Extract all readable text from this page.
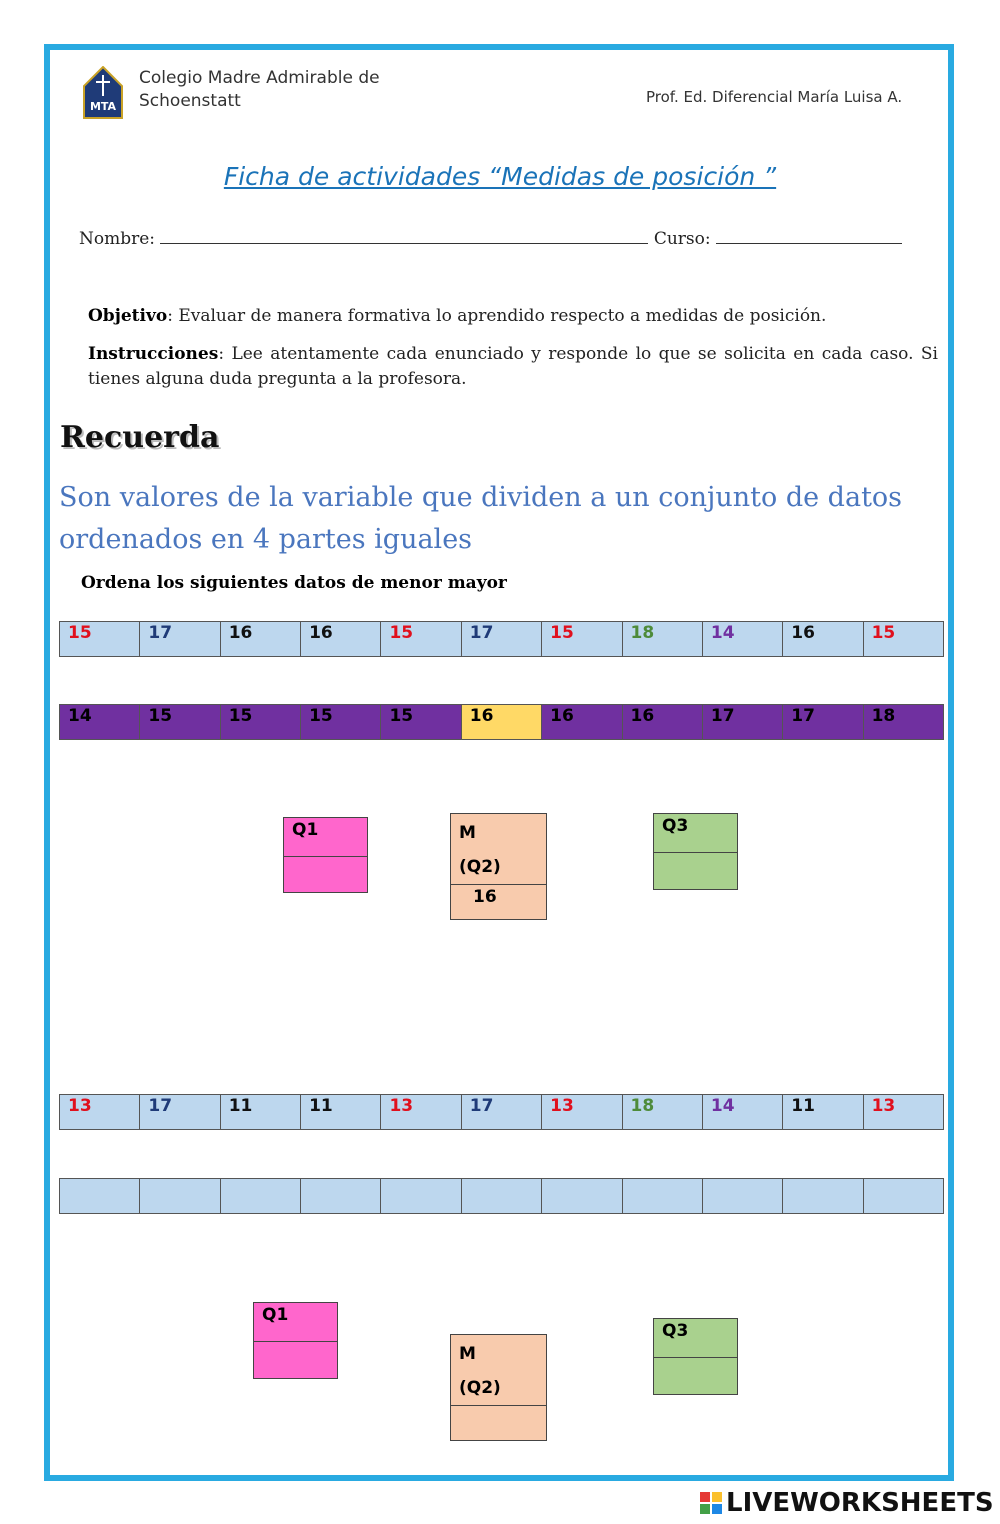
MTA
Colegio Madre Admirable de Schoenstatt	Prof. Ed. Diferencial María Luisa A.
Ficha de actividades “Medidas de posición ”
Nombre:	Curso:
Objetivo: Evaluar de manera formativa lo aprendido respecto a medidas de posición.
Instrucciones: Lee atentamente cada enunciado y responde lo que se solicita en cada caso. Si tienes alguna duda pregunta a la profesora.
Recuerda
Son valores de la variable que dividen a un conjunto de datos ordenados en 4 partes iguales
Ordena los siguientes datos de menor mayor
15	17	16	16	15	17	15	18	14	16	15
14	15	15	15	15	16	16	16	17	17	18
Q1	M
(Q2)
16
Q3
13	17	11	11	13	17	13	18	14	11	13
Q1
M
(Q2)
Q3
LIVEWORKSHEETS
